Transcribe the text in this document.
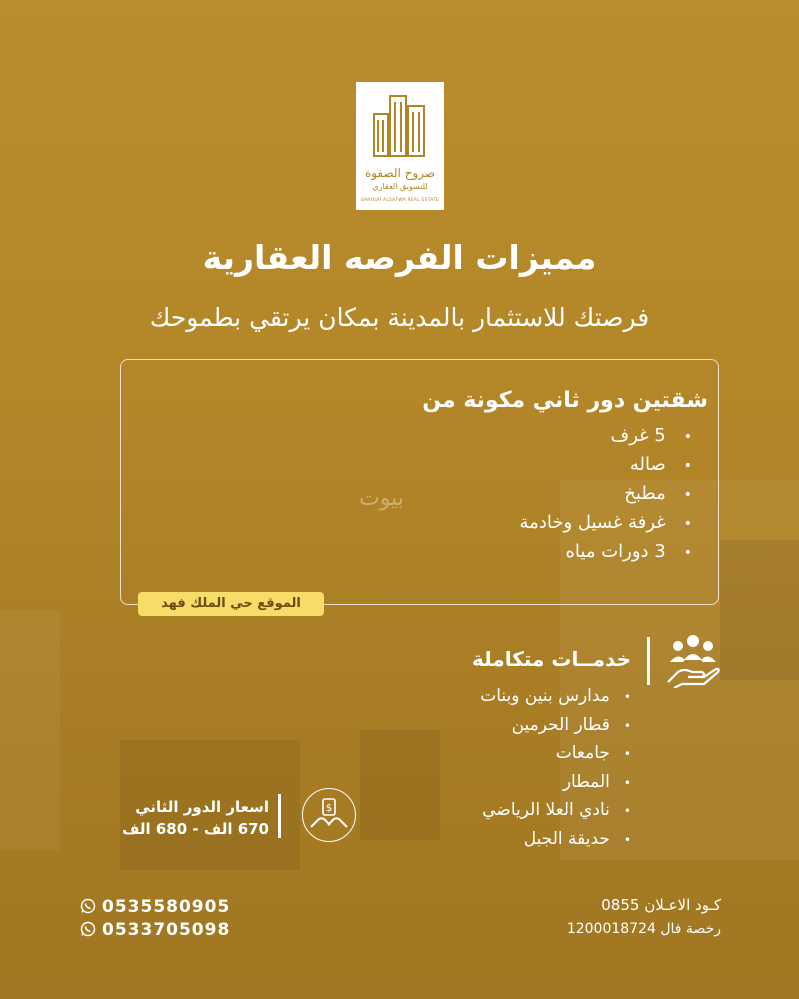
صروح الصفوة
للتسويق العقاري
SAROUH ALSAFWA REAL ESTATE
مميزات الفرصه العقارية
فرصتك للاستثمار بالمدينة بمكان يرتقي بطموحك
شقتين دور ثاني مكونة من
• 5 غرف
• صاله
• مطبخ
• غرفة غسيل وخادمة
• 3 دورات مياه
بيوت
الموقع حي الملك فهد
خدمــات متكاملة
• مدارس بنين وبنات
• قطار الحرمين
• جامعات
• المطار
• نادي العلا الرياضي
• حديقة الجبل
$
اسعار الدور الثاني
670 الف - 680 الف
0535580905
0533705098
كـود الاعـلان 0855
رخصة فال 1200018724
